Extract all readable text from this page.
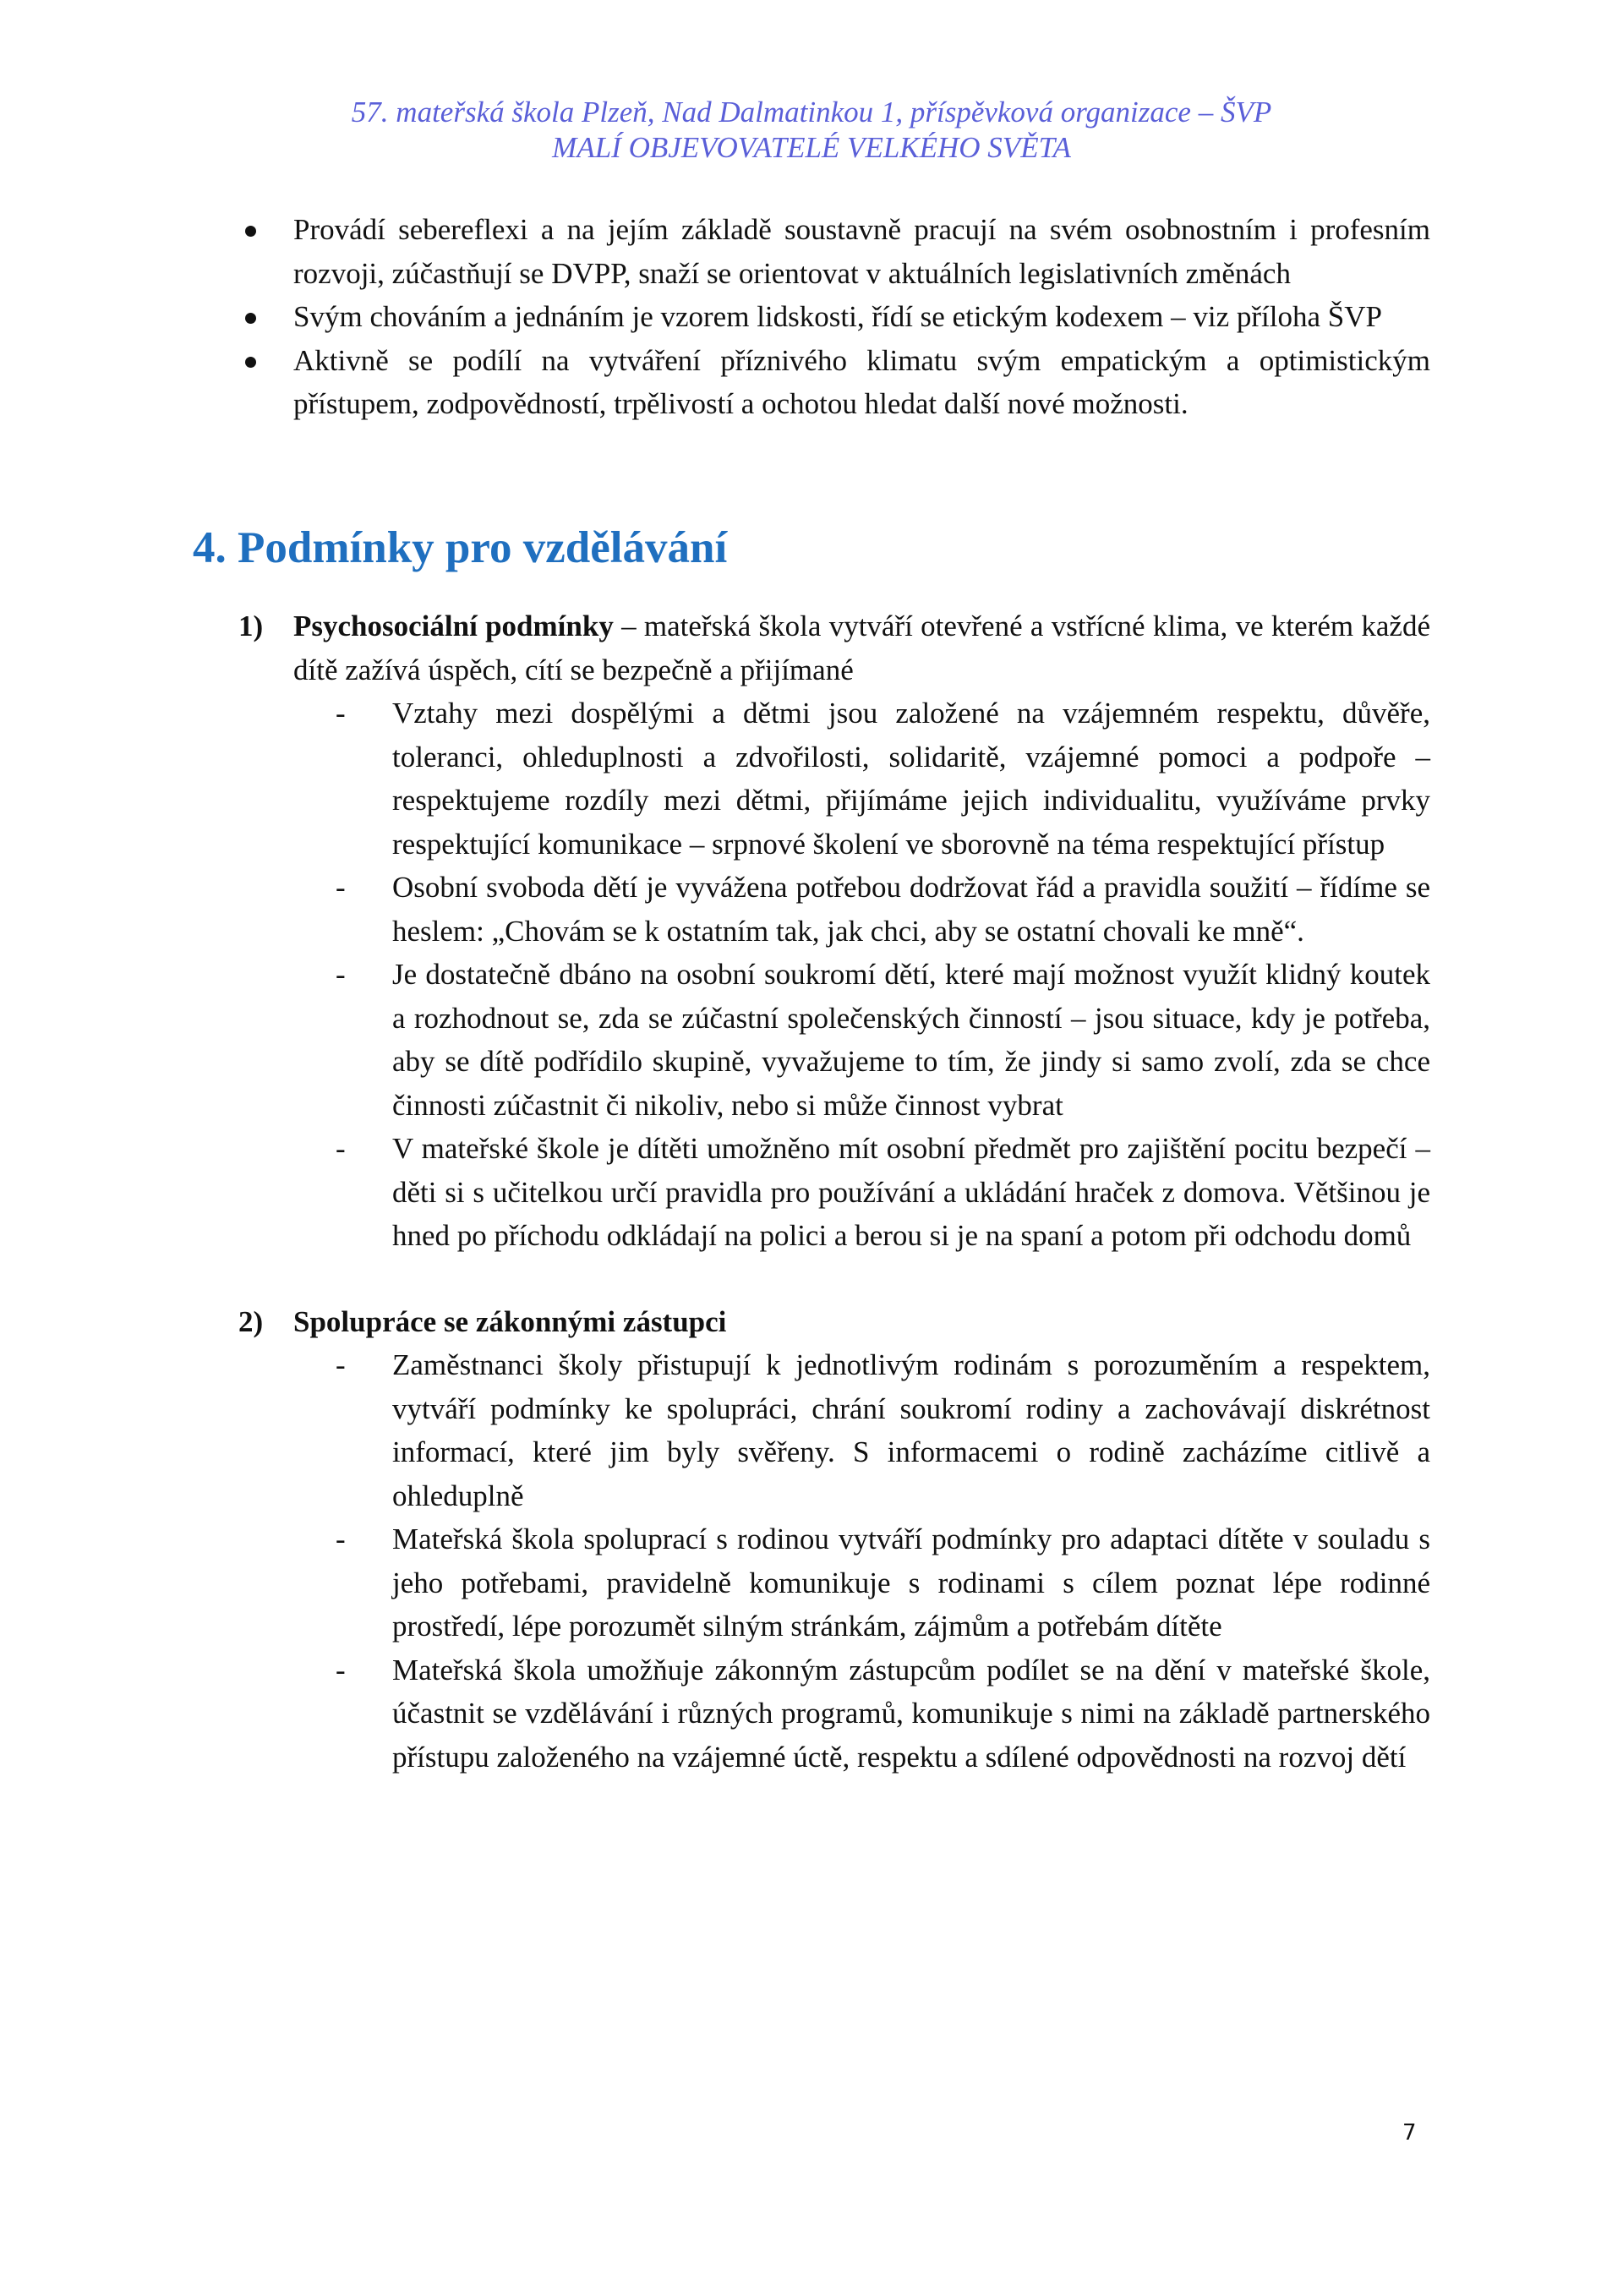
57. mateřská škola Plzeň, Nad Dalmatinkou 1, příspěvková organizace – ŠVP
MALÍ OBJEVOVATELÉ VELKÉHO SVĚTA
Provádí sebereflexi a na jejím základě soustavně pracují na svém osobnostním i profesním rozvoji, zúčastňují se DVPP, snaží se orientovat v aktuálních legislativních změnách
Svým chováním a jednáním je vzorem lidskosti, řídí se etickým kodexem – viz příloha ŠVP
Aktivně se podílí na vytváření příznivého klimatu svým empatickým a optimistickým přístupem, zodpovědností, trpělivostí a ochotou hledat další nové možnosti.
4. Podmínky pro vzdělávání
1) Psychosociální podmínky – mateřská škola vytváří otevřené a vstřícné klima, ve kterém každé dítě zažívá úspěch, cítí se bezpečně a přijímané
- Vztahy mezi dospělými a dětmi jsou založené na vzájemném respektu, důvěře, toleranci, ohleduplnosti a zdvořilosti, solidaritě, vzájemné pomoci a podpoře – respektujeme rozdíly mezi dětmi, přijímáme jejich individualitu, využíváme prvky respektující komunikace – srpnové školení ve sborovně na téma respektující přístup
- Osobní svoboda dětí je vyvážena potřebou dodržovat řád a pravidla soužití – řídíme se heslem: „Chovám se k ostatním tak, jak chci, aby se ostatní chovali ke mně“.
- Je dostatečně dbáno na osobní soukromí dětí, které mají možnost využít klidný koutek a rozhodnout se, zda se zúčastní společenských činností – jsou situace, kdy je potřeba, aby se dítě podřídilo skupině, vyvažujeme to tím, že jindy si samo zvolí, zda se chce činnosti zúčastnit či nikoliv, nebo si může činnost vybrat
- V mateřské škole je dítěti umožněno mít osobní předmět pro zajištění pocitu bezpečí – děti si s učitelkou určí pravidla pro používání a ukládání hraček z domova. Většinou je hned po příchodu odkládají na polici a berou si je na spaní a potom při odchodu domů
2) Spolupráce se zákonnými zástupci
- Zaměstnanci školy přistupují k jednotlivým rodinám s porozuměním a respektem, vytváří podmínky ke spolupráci, chrání soukromí rodiny a zachovávají diskrétnost informací, které jim byly svěřeny. S informacemi o rodině zacházíme citlivě a ohleduplně
- Mateřská škola spoluprací s rodinou vytváří podmínky pro adaptaci dítěte v souladu s jeho potřebami, pravidelně komunikuje s rodinami s cílem poznat lépe rodinné prostředí, lépe porozumět silným stránkám, zájmům a potřebám dítěte
- Mateřská škola umožňuje zákonným zástupcům podílet se na dění v mateřské škole, účastnit se vzdělávání i různých programů, komunikuje s nimi na základě partnerského přístupu založeného na vzájemné úctě, respektu a sdílené odpovědnosti na rozvoj dětí
7
